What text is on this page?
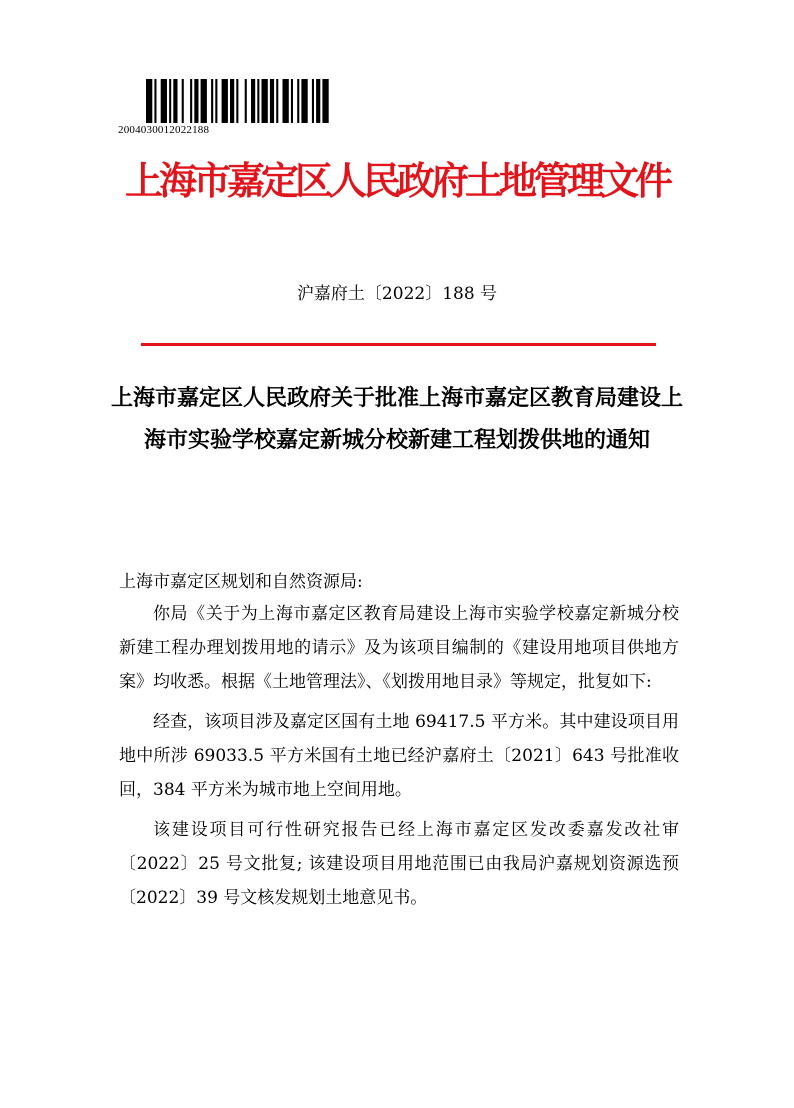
2004030012022188
上海市嘉定区人民政府土地管理文件
沪嘉府土〔2022〕188 号
上海市嘉定区人民政府关于批准上海市嘉定区教育局建设上海市实验学校嘉定新城分校新建工程划拨供地的通知

上海市嘉定区规划和自然资源局:

你局《关于为上海市嘉定区教育局建设上海市实验学校嘉定新城分校新建工程办理划拨用地的请示》及为该项目编制的《建设用地项目供地方案》均收悉。根据《土地管理法》、《划拨用地目录》等规定，批复如下:

经查，该项目涉及嘉定区国有土地 69417.5 平方米。其中建设项目用地中所涉 69033.5 平方米国有土地已经沪嘉府土〔2021〕643 号批准收回，384 平方米为城市地上空间用地。

该建设项目可行性研究报告已经上海市嘉定区发改委嘉发改社审〔2022〕25 号文批复; 该建设项目用地范围已由我局沪嘉规划资源选预〔2022〕39 号文核发规划土地意见书。
